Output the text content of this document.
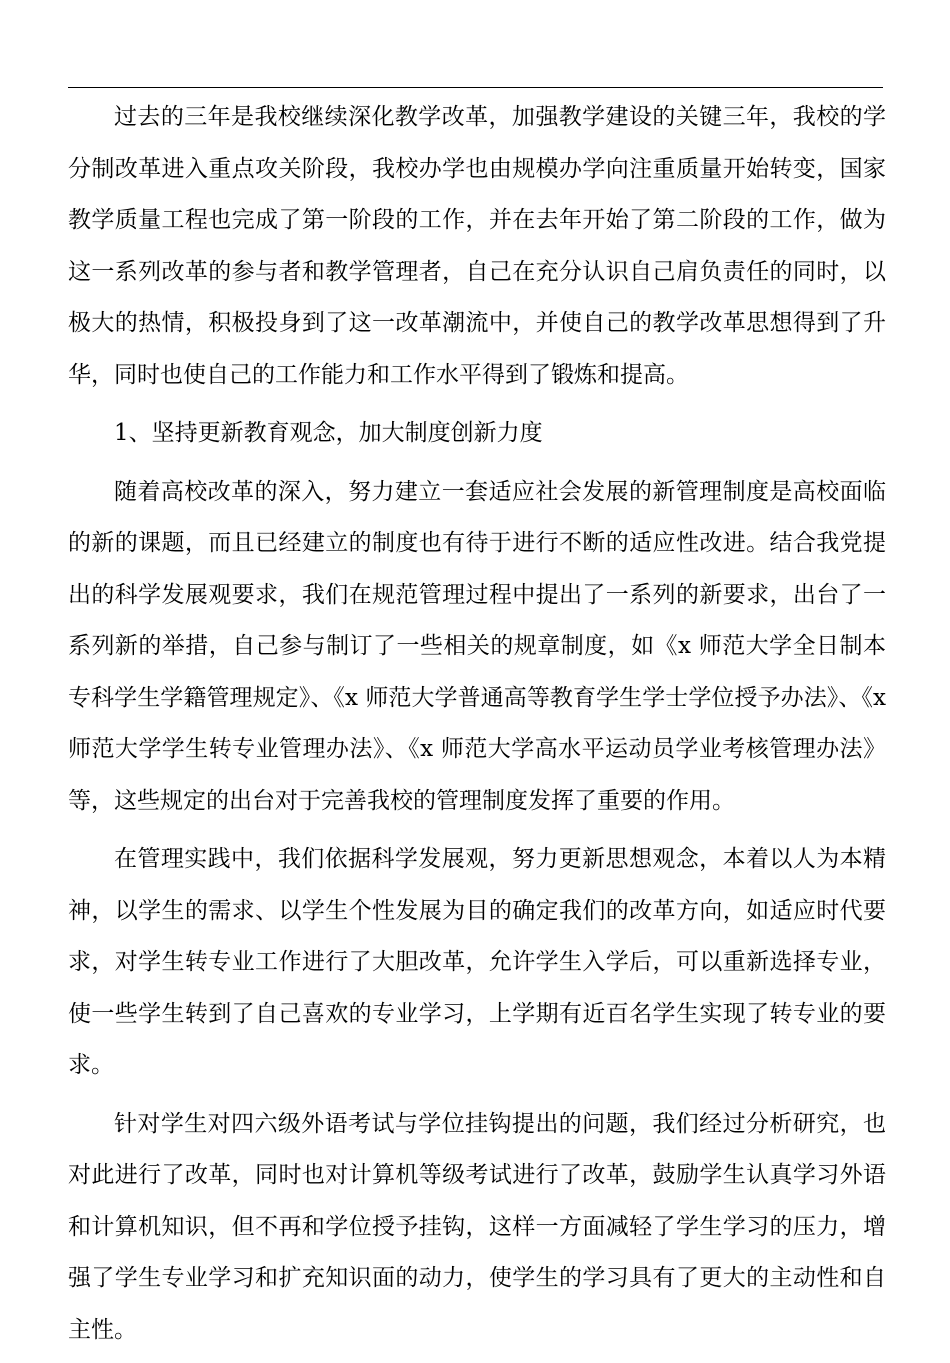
过去的三年是我校继续深化教学改革，加强教学建设的关键三年，我校的学分制改革进入重点攻关阶段，我校办学也由规模办学向注重质量开始转变，国家教学质量工程也完成了第一阶段的工作，并在去年开始了第二阶段的工作，做为这一系列改革的参与者和教学管理者，自己在充分认识自己肩负责任的同时，以极大的热情，积极投身到了这一改革潮流中，并使自己的教学改革思想得到了升华，同时也使自己的工作能力和工作水平得到了锻炼和提高。

1、坚持更新教育观念，加大制度创新力度

随着高校改革的深入，努力建立一套适应社会发展的新管理制度是高校面临的新的课题，而且已经建立的制度也有待于进行不断的适应性改进。结合我党提出的科学发展观要求，我们在规范管理过程中提出了一系列的新要求，出台了一系列新的举措，自己参与制订了一些相关的规章制度，如《x 师范大学全日制本专科学生学籍管理规定》、《x 师范大学普通高等教育学生学士学位授予办法》、《x 师范大学学生转专业管理办法》、《x 师范大学高水平运动员学业考核管理办法》等，这些规定的出台对于完善我校的管理制度发挥了重要的作用。

在管理实践中，我们依据科学发展观，努力更新思想观念，本着以人为本精神，以学生的需求、以学生个性发展为目的确定我们的改革方向，如适应时代要求，对学生转专业工作进行了大胆改革，允许学生入学后，可以重新选择专业，使一些学生转到了自己喜欢的专业学习，上学期有近百名学生实现了转专业的要求。

针对学生对四六级外语考试与学位挂钩提出的问题，我们经过分析研究，也对此进行了改革，同时也对计算机等级考试进行了改革，鼓励学生认真学习外语和计算机知识，但不再和学位授予挂钩，这样一方面减轻了学生学习的压力，增强了学生专业学习和扩充知识面的动力，使学生的学习具有了更大的主动性和自主性。
